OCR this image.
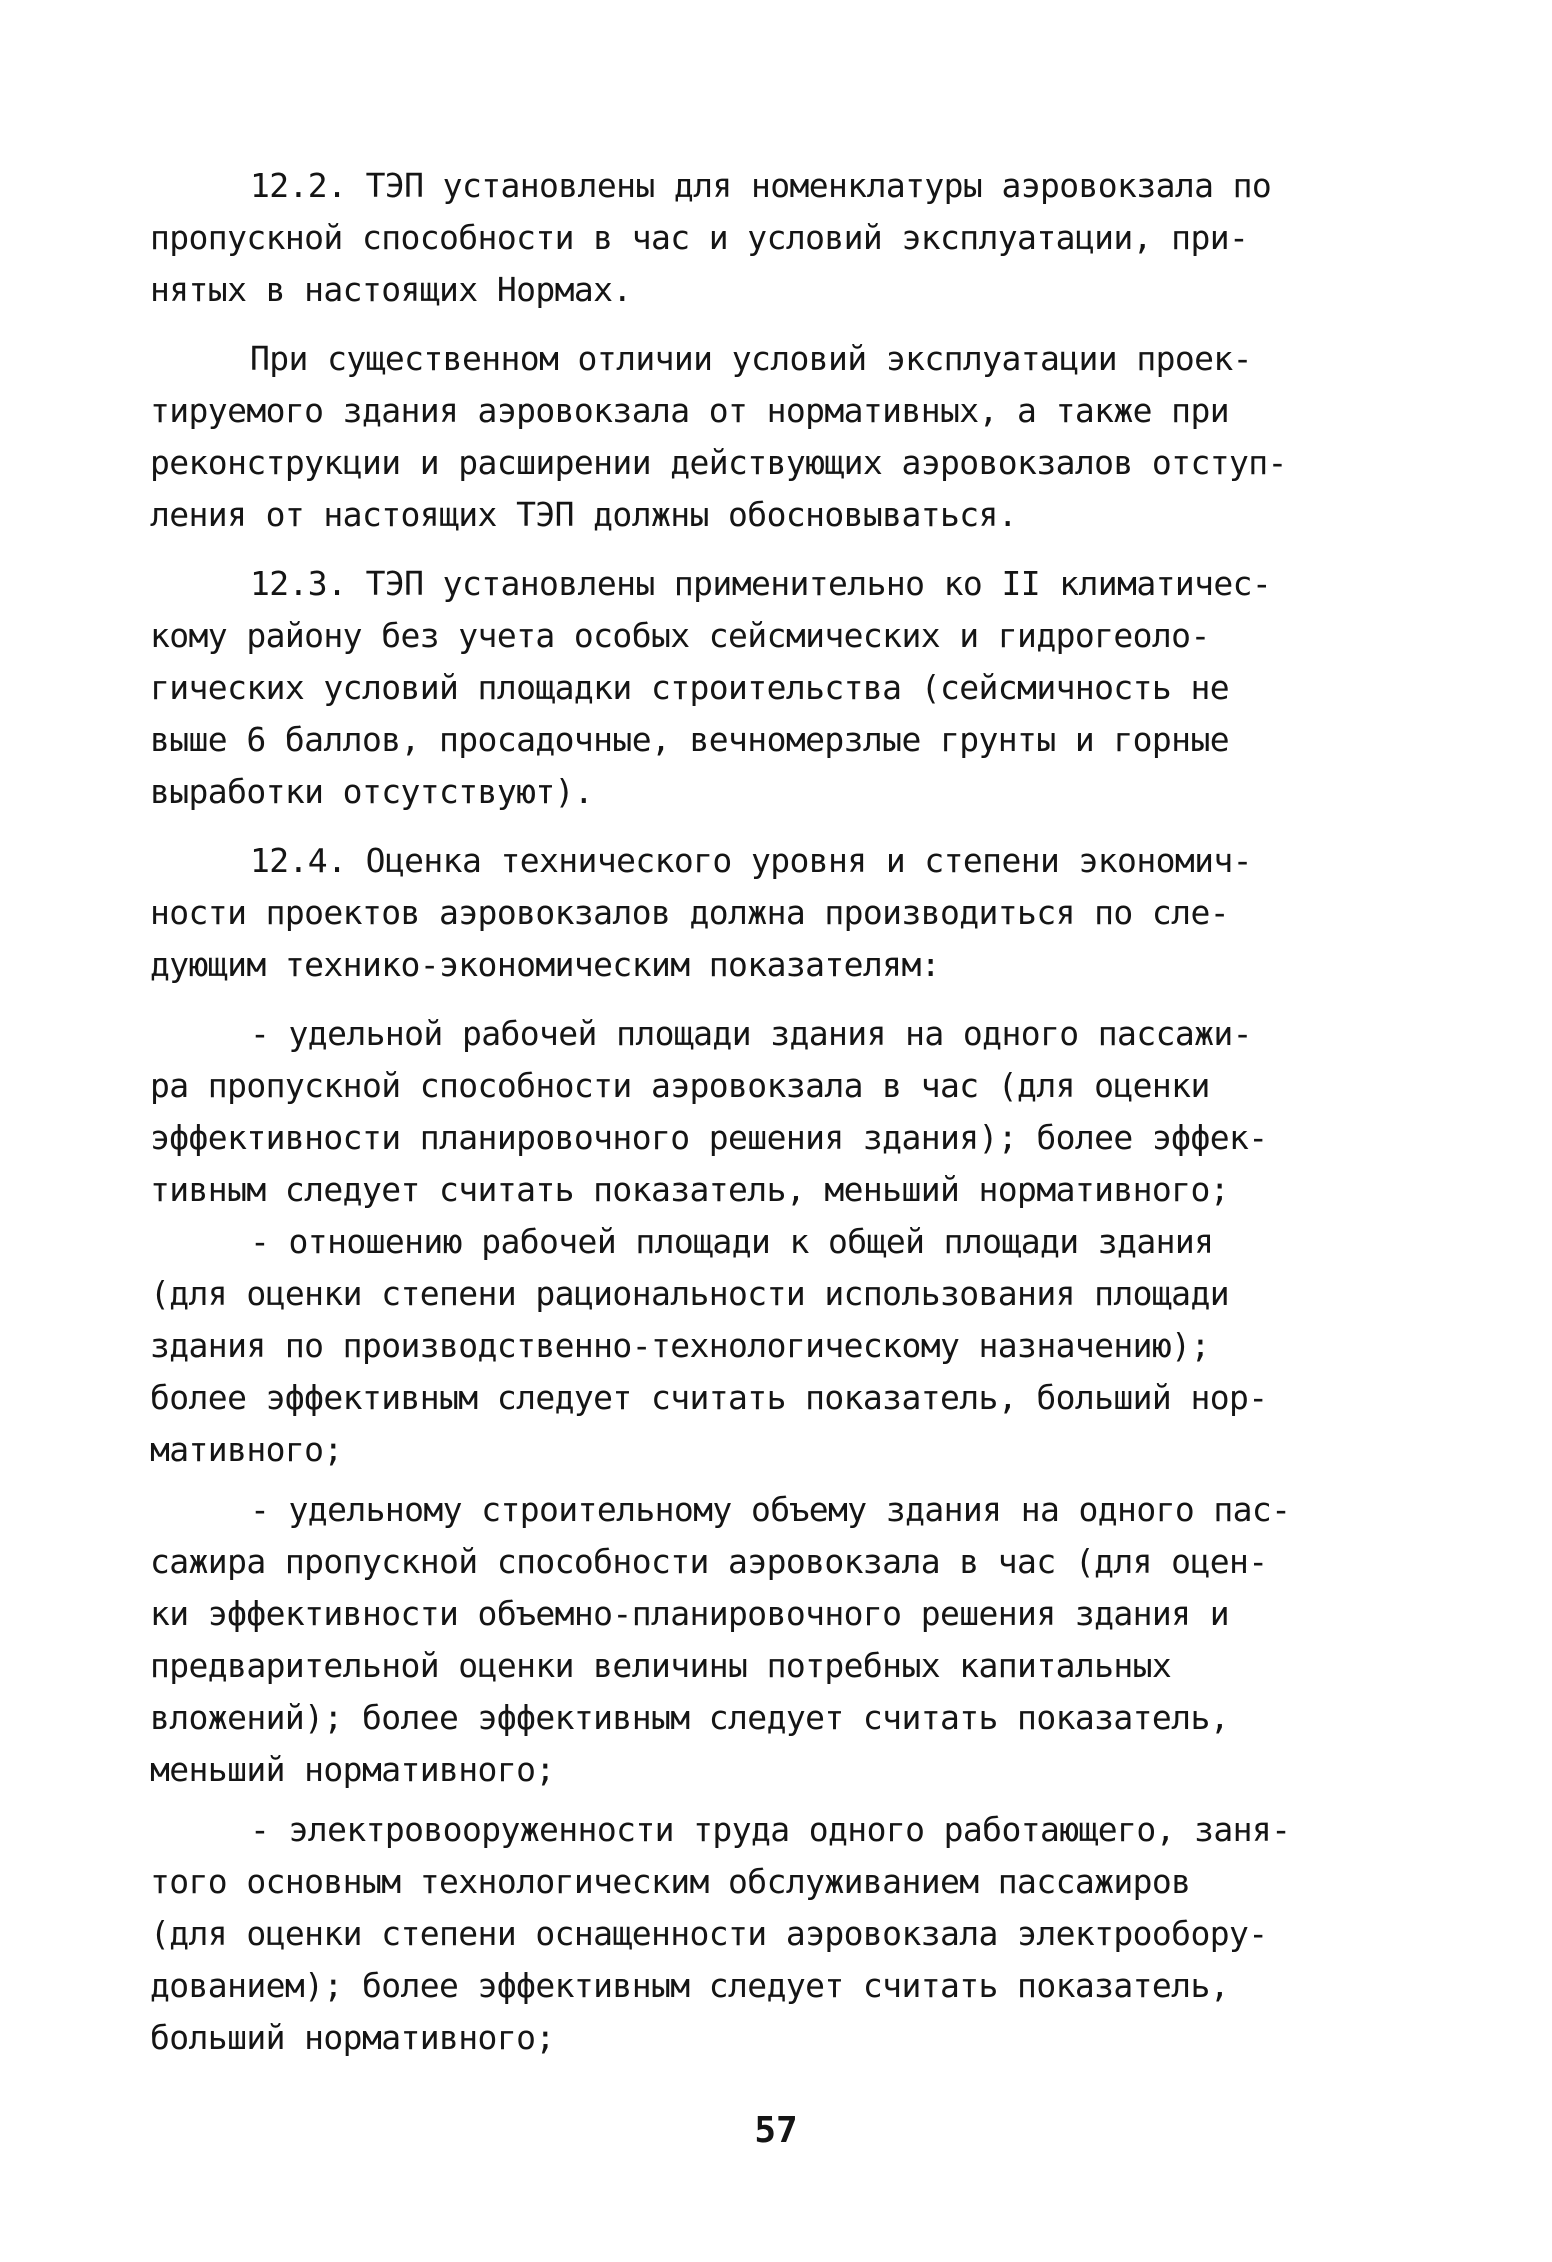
12.2. ТЭП установлены для номенклатуры аэровокзала по
пропускной способности в час и условий эксплуатации, при-
нятых в настоящих Нормах.
При существенном отличии условий эксплуатации проек-
тируемого здания аэровокзала от нормативных, а также при
реконструкции и расширении действующих аэровокзалов отступ-
ления от настоящих ТЭП должны обосновываться.
12.3. ТЭП установлены применительно ко II климатичес-
кому району без учета особых сейсмических и гидрогеоло-
гических условий площадки строительства (сейсмичность не
выше 6 баллов, просадочные, вечномерзлые грунты и горные
выработки отсутствуют).
12.4. Оценка технического уровня и степени экономич-
ности проектов аэровокзалов должна производиться по сле-
дующим технико-экономическим показателям:
- удельной рабочей площади здания на одного пассажи-
ра пропускной способности аэровокзала в час (для оценки
эффективности планировочного решения здания); более эффек-
тивным следует считать показатель, меньший нормативного;
- отношению рабочей площади к общей площади здания
(для оценки степени рациональности использования площади
здания по производственно-технологическому назначению);
более эффективным следует считать показатель, больший нор-
мативного;
- удельному строительному объему здания на одного пас-
сажира пропускной способности аэровокзала в час (для оцен-
ки эффективности объемно-планировочного решения здания и
предварительной оценки величины потребных капитальных
вложений); более эффективным следует считать показатель,
меньший нормативного;
- электровооруженности труда одного работающего, заня-
того основным технологическим обслуживанием пассажиров
(для оценки степени оснащенности аэровокзала электрообору-
дованием); более эффективным следует считать показатель,
больший нормативного;
57
